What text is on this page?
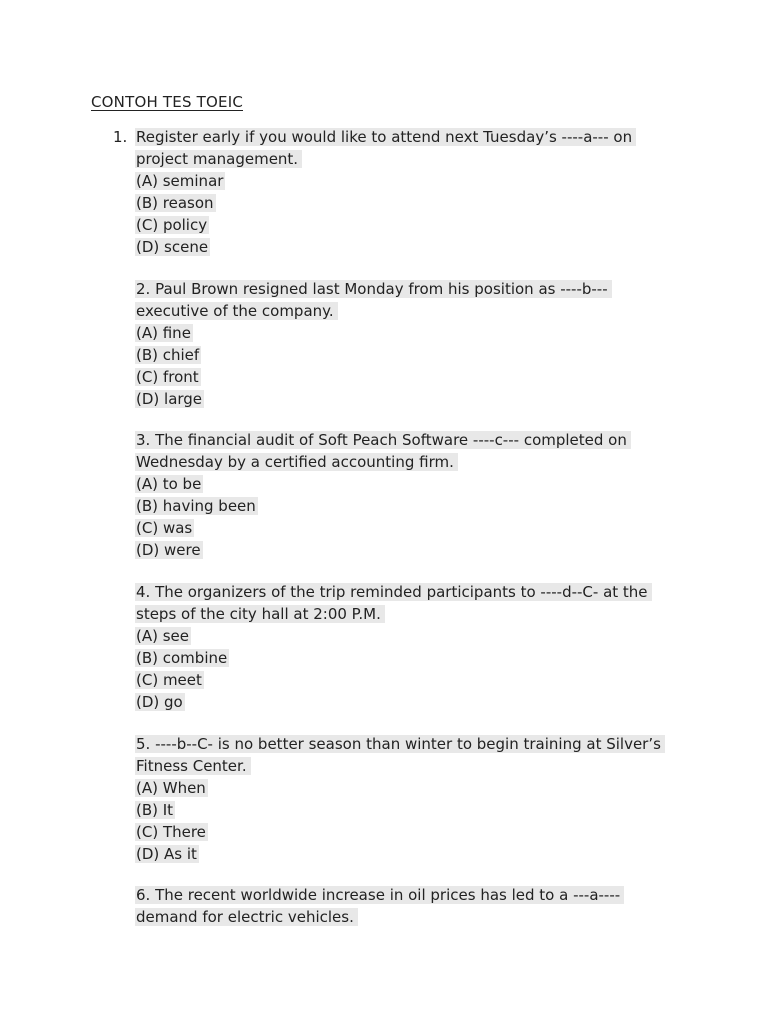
CONTOH TES TOEIC
1. Register early if you would like to attend next Tuesday’s ----a--- on
project management.
(A) seminar
(B) reason
(C) policy
(D) scene
2. Paul Brown resigned last Monday from his position as ----b---
executive of the company.
(A) fine
(B) chief
(C) front
(D) large
3. The financial audit of Soft Peach Software ----c--- completed on
Wednesday by a certified accounting firm.
(A) to be
(B) having been
(C) was
(D) were
4. The organizers of the trip reminded participants to ----d--C- at the
steps of the city hall at 2:00 P.M.
(A) see
(B) combine
(C) meet
(D) go
5. ----b--C- is no better season than winter to begin training at Silver’s
Fitness Center.
(A) When
(B) It
(C) There
(D) As it
6. The recent worldwide increase in oil prices has led to a ---a----
demand for electric vehicles.
